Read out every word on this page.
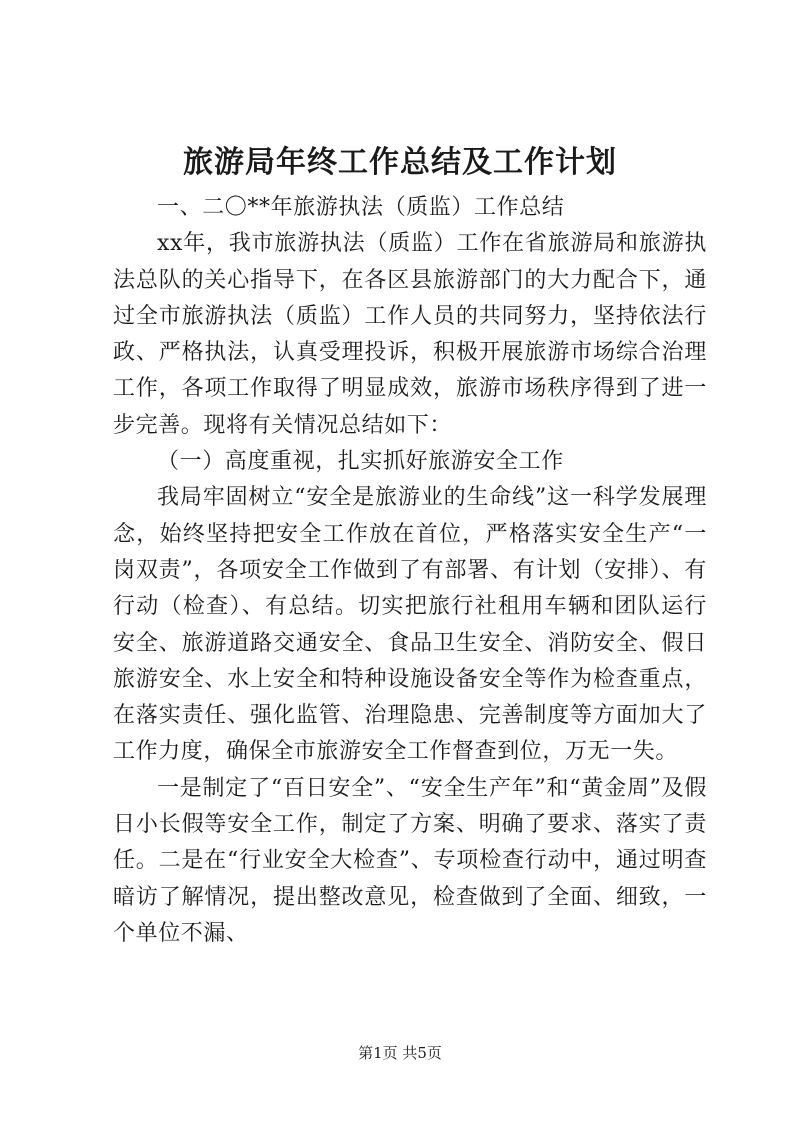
旅游局年终工作总结及工作计划

一、二〇**年旅游执法（质监）工作总结

xx年，我市旅游执法（质监）工作在省旅游局和旅游执法总队的关心指导下，在各区县旅游部门的大力配合下，通过全市旅游执法（质监）工作人员的共同努力，坚持依法行政、严格执法，认真受理投诉，积极开展旅游市场综合治理工作，各项工作取得了明显成效，旅游市场秩序得到了进一步完善。现将有关情况总结如下：

（一）高度重视，扎实抓好旅游安全工作

我局牢固树立“安全是旅游业的生命线”这一科学发展理念，始终坚持把安全工作放在首位，严格落实安全生产“一岗双责”，各项安全工作做到了有部署、有计划（安排）、有行动（检查）、有总结。切实把旅行社租用车辆和团队运行安全、旅游道路交通安全、食品卫生安全、消防安全、假日旅游安全、水上安全和特种设施设备安全等作为检查重点，在落实责任、强化监管、治理隐患、完善制度等方面加大了工作力度，确保全市旅游安全工作督查到位，万无一失。

一是制定了“百日安全”、“安全生产年”和“黄金周”及假日小长假等安全工作，制定了方案、明确了要求、落实了责任。二是在“行业安全大检查”、专项检查行动中，通过明查暗访了解情况，提出整改意见，检查做到了全面、细致，一个单位不漏、

第1页 共5页
